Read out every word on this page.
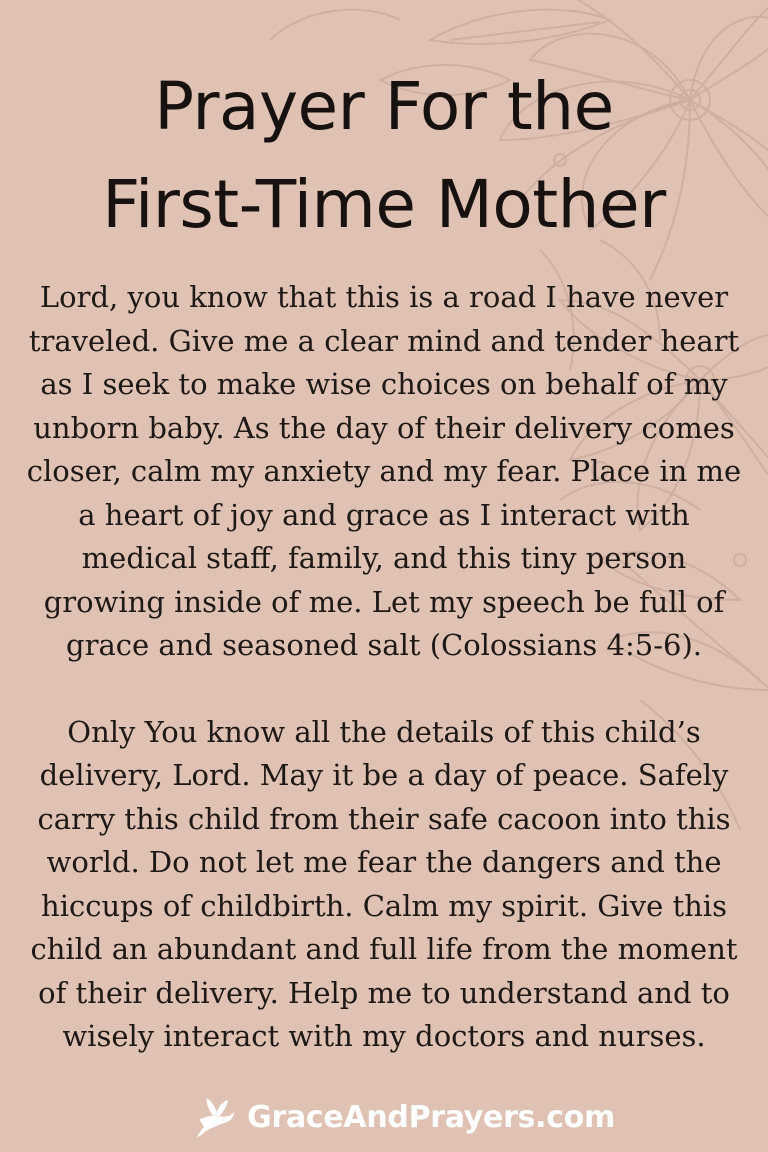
Prayer For the
First-Time Mother

Lord, you know that this is a road I have never
traveled. Give me a clear mind and tender heart
as I seek to make wise choices on behalf of my
unborn baby. As the day of their delivery comes
closer, calm my anxiety and my fear. Place in me
a heart of joy and grace as I interact with
medical staff, family, and this tiny person
growing inside of me. Let my speech be full of
grace and seasoned salt (Colossians 4:5-6).

Only You know all the details of this child’s
delivery, Lord. May it be a day of peace. Safely
carry this child from their safe cacoon into this
world. Do not let me fear the dangers and the
hiccups of childbirth. Calm my spirit. Give this
child an abundant and full life from the moment
of their delivery. Help me to understand and to
wisely interact with my doctors and nurses.

GraceAndPrayers.com
